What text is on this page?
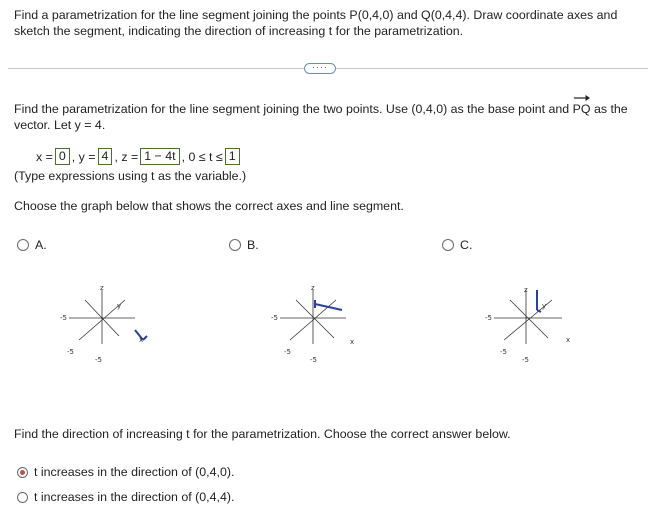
Find a parametrization for the line segment joining the points P(0,4,0) and Q(0,4,4). Draw coordinate axes and sketch the segment, indicating the direction of increasing t for the parametrization.
····
Find the parametrization for the line segment joining the two points. Use (0,4,0) as the base point and
PQ as the vector. Let y = 4.
x = 0 , y = 4 , z = 1 − 4t , 0 ≤ t ≤ 1
(Type expressions using t as the variable.)
Choose the graph below that shows the correct axes and line segment.
A.	B.	C.
z
y
x
-5
-5
-5
z
x
-5
-5
-5
z
y
x
-5
-5
-5
Find the direction of increasing t for the parametrization. Choose the correct answer below.
t increases in the direction of (0,4,0).
t increases in the direction of (0,4,4).
